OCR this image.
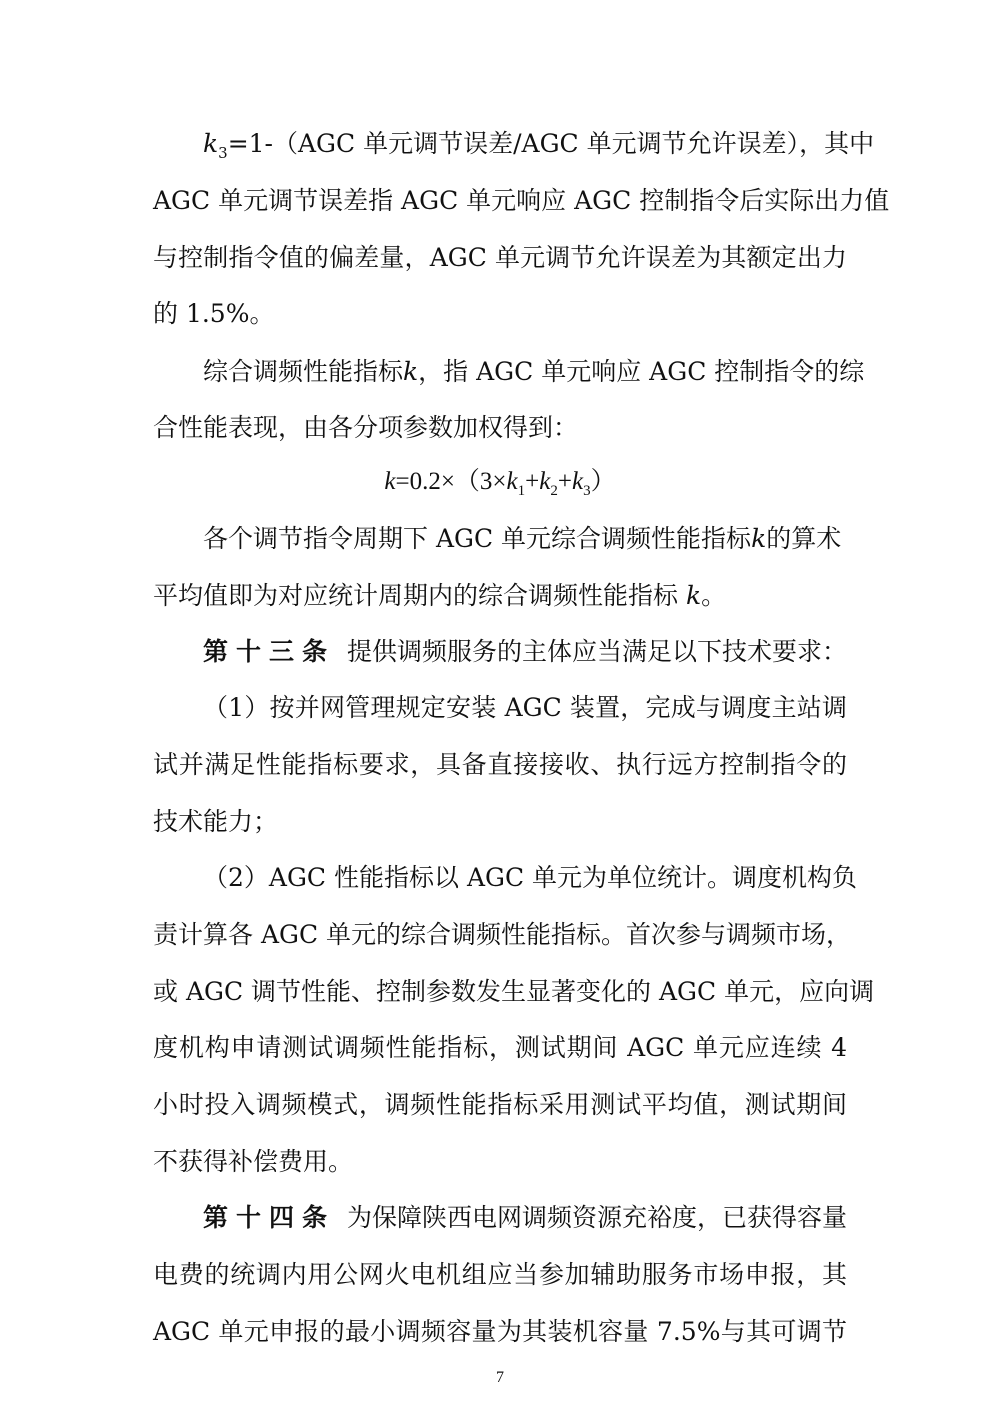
$k_3=1-(AGC$ 单元调节误差/AGC 单元调节允许误差），其中
AGC 单元调节误差指 AGC 单元响应 AGC 控制指令后实际出力值
与控制指令值的偏差量，AGC 单元调节允许误差为其额定出力
的 1.5%。
综合调频性能指标k，指 AGC 单元响应 AGC 控制指令的综
合性能表现，由各分项参数加权得到：
$k=0.2\times(3\times k_1+k_2+k_3)$
各个调节指令周期下 AGC 单元综合调频性能指标k的算术
平均值即为对应统计周期内的综合调频性能指标 k。
第十三条 提供调频服务的主体应当满足以下技术要求：
（1）按并网管理规定安装 AGC 装置，完成与调度主站调
试并满足性能指标要求，具备直接接收、执行远方控制指令的
技术能力；
（2）AGC 性能指标以 AGC 单元为单位统计。调度机构负
责计算各 AGC 单元的综合调频性能指标。首次参与调频市场，
或 AGC 调节性能、控制参数发生显著变化的 AGC 单元，应向调
度机构申请测试调频性能指标，测试期间 AGC 单元应连续 4
小时投入调频模式，调频性能指标采用测试平均值，测试期间
不获得补偿费用。
第十四条 为保障陕西电网调频资源充裕度，已获得容量
电费的统调内用公网火电机组应当参加辅助服务市场申报，其
AGC 单元申报的最小调频容量为其装机容量 7.5%与其可调节
7
